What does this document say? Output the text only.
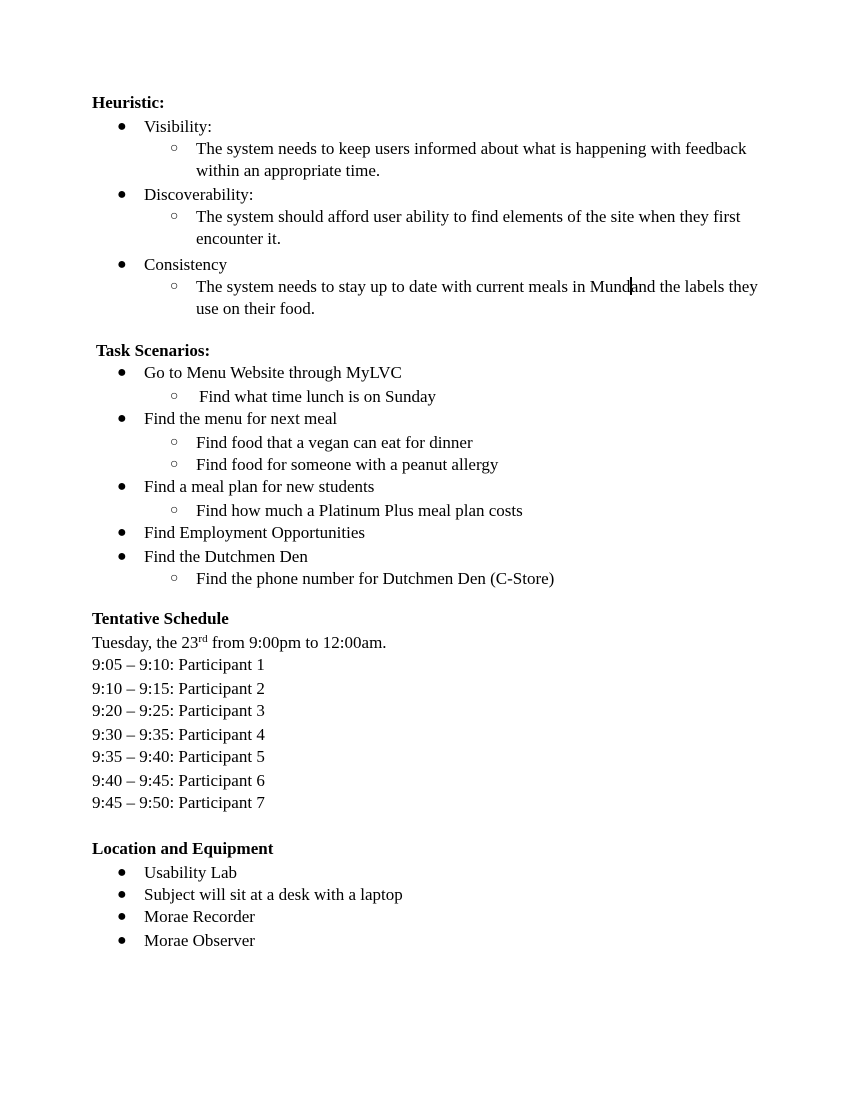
Heuristic:
● Visibility:
○ The system needs to keep users informed about what is happening with feedback within an appropriate time.
● Discoverability:
○ The system should afford user ability to find elements of the site when they first encounter it.
● Consistency
○ The system needs to stay up to date with current meals in Mundand the labels they use on their food.
Task Scenarios:
● Go to Menu Website through MyLVC
○ Find what time lunch is on Sunday
● Find the menu for next meal
○ Find food that a vegan can eat for dinner
○ Find food for someone with a peanut allergy
● Find a meal plan for new students
○ Find how much a Platinum Plus meal plan costs
● Find Employment Opportunities
● Find the Dutchmen Den
○ Find the phone number for Dutchmen Den (C-Store)
Tentative Schedule
Tuesday, the 23rd from 9:00pm to 12:00am.
9:05 – 9:10: Participant 1
9:10 – 9:15: Participant 2
9:20 – 9:25: Participant 3
9:30 – 9:35: Participant 4
9:35 – 9:40: Participant 5
9:40 – 9:45: Participant 6
9:45 – 9:50: Participant 7
Location and Equipment
● Usability Lab
● Subject will sit at a desk with a laptop
● Morae Recorder
● Morae Observer
